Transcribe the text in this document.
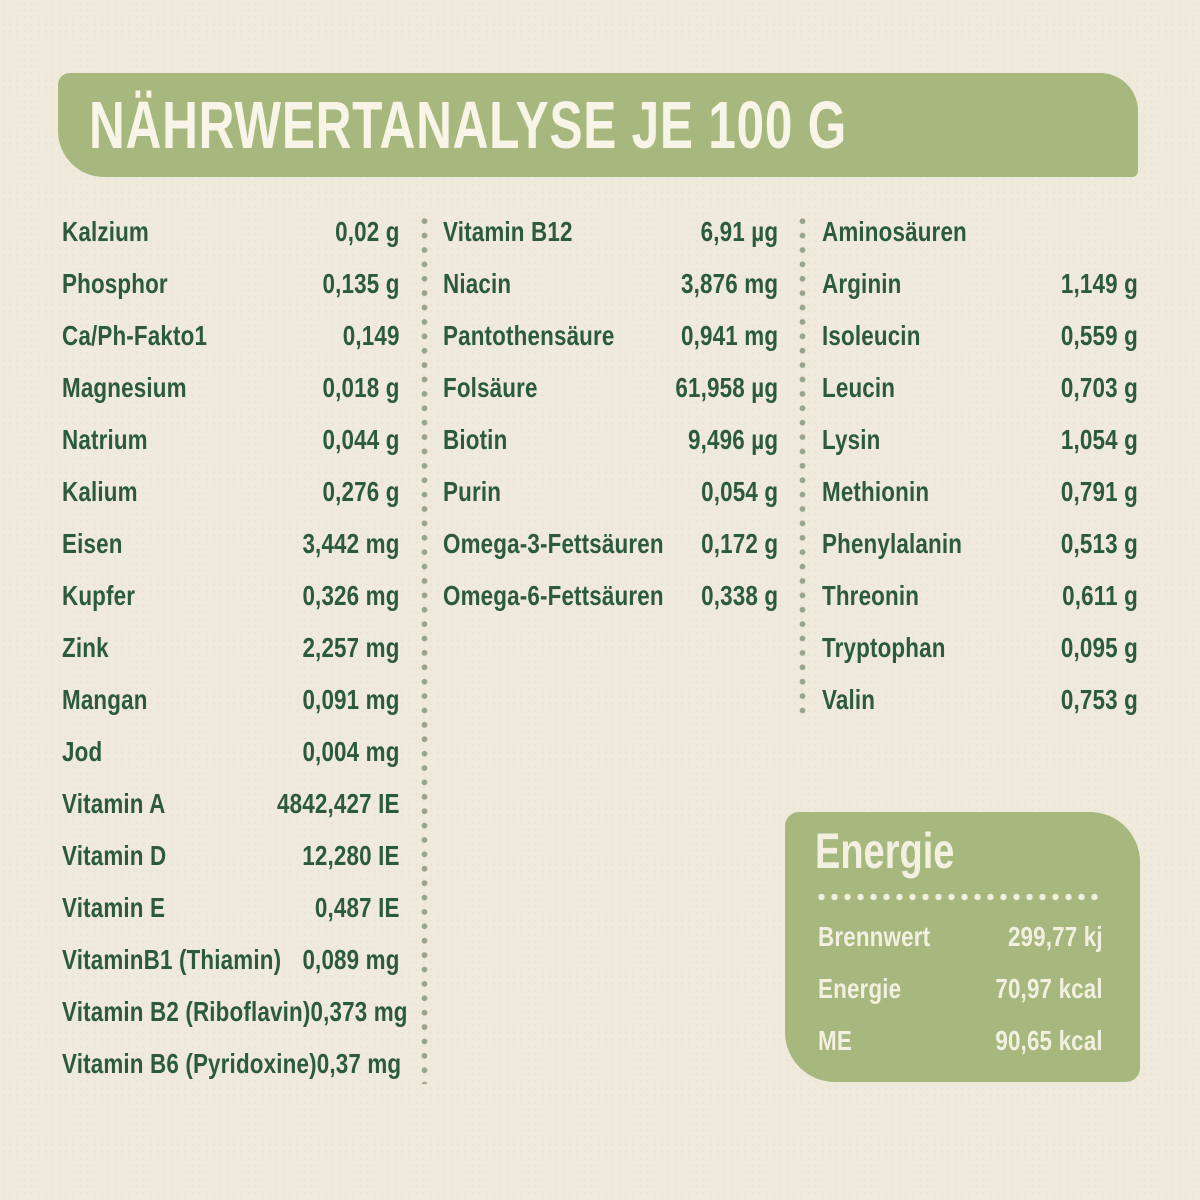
NÄHRWERTANALYSE JE 100 G
Kalzium	0,02 g
Phosphor	0,135 g
Ca/Ph-Fakto1	0,149
Magnesium	0,018 g
Natrium	0,044 g
Kalium	0,276 g
Eisen	3,442 mg
Kupfer	0,326 mg
Zink	2,257 mg
Mangan	0,091 mg
Jod	0,004 mg
Vitamin A	4842,427 IE
Vitamin D	12,280 IE
Vitamin E	0,487 IE
VitaminB1 (Thiamin) 0,089 mg
Vitamin B2 (Riboflavin) 0,373 mg
Vitamin B6 (Pyridoxine) 0,37 mg
Vitamin B12	6,91 µg
Niacin	3,876 mg
Pantothensäure 0,941 mg
Folsäure	61,958 µg
Biotin	9,496 µg
Purin	0,054 g
Omega-3-Fettsäuren 0,172 g
Omega-6-Fettsäuren 0,338 g
Aminosäuren
Arginin	1,149 g
Isoleucin	0,559 g
Leucin	0,703 g
Lysin	1,054 g
Methionin	0,791 g
Phenylalanin	0,513 g
Threonin	0,611 g
Tryptophan	0,095 g
Valin	0,753 g
Energie
Brennwert	299,77 kj
Energie	70,97 kcal
ME	90,65 kcal
